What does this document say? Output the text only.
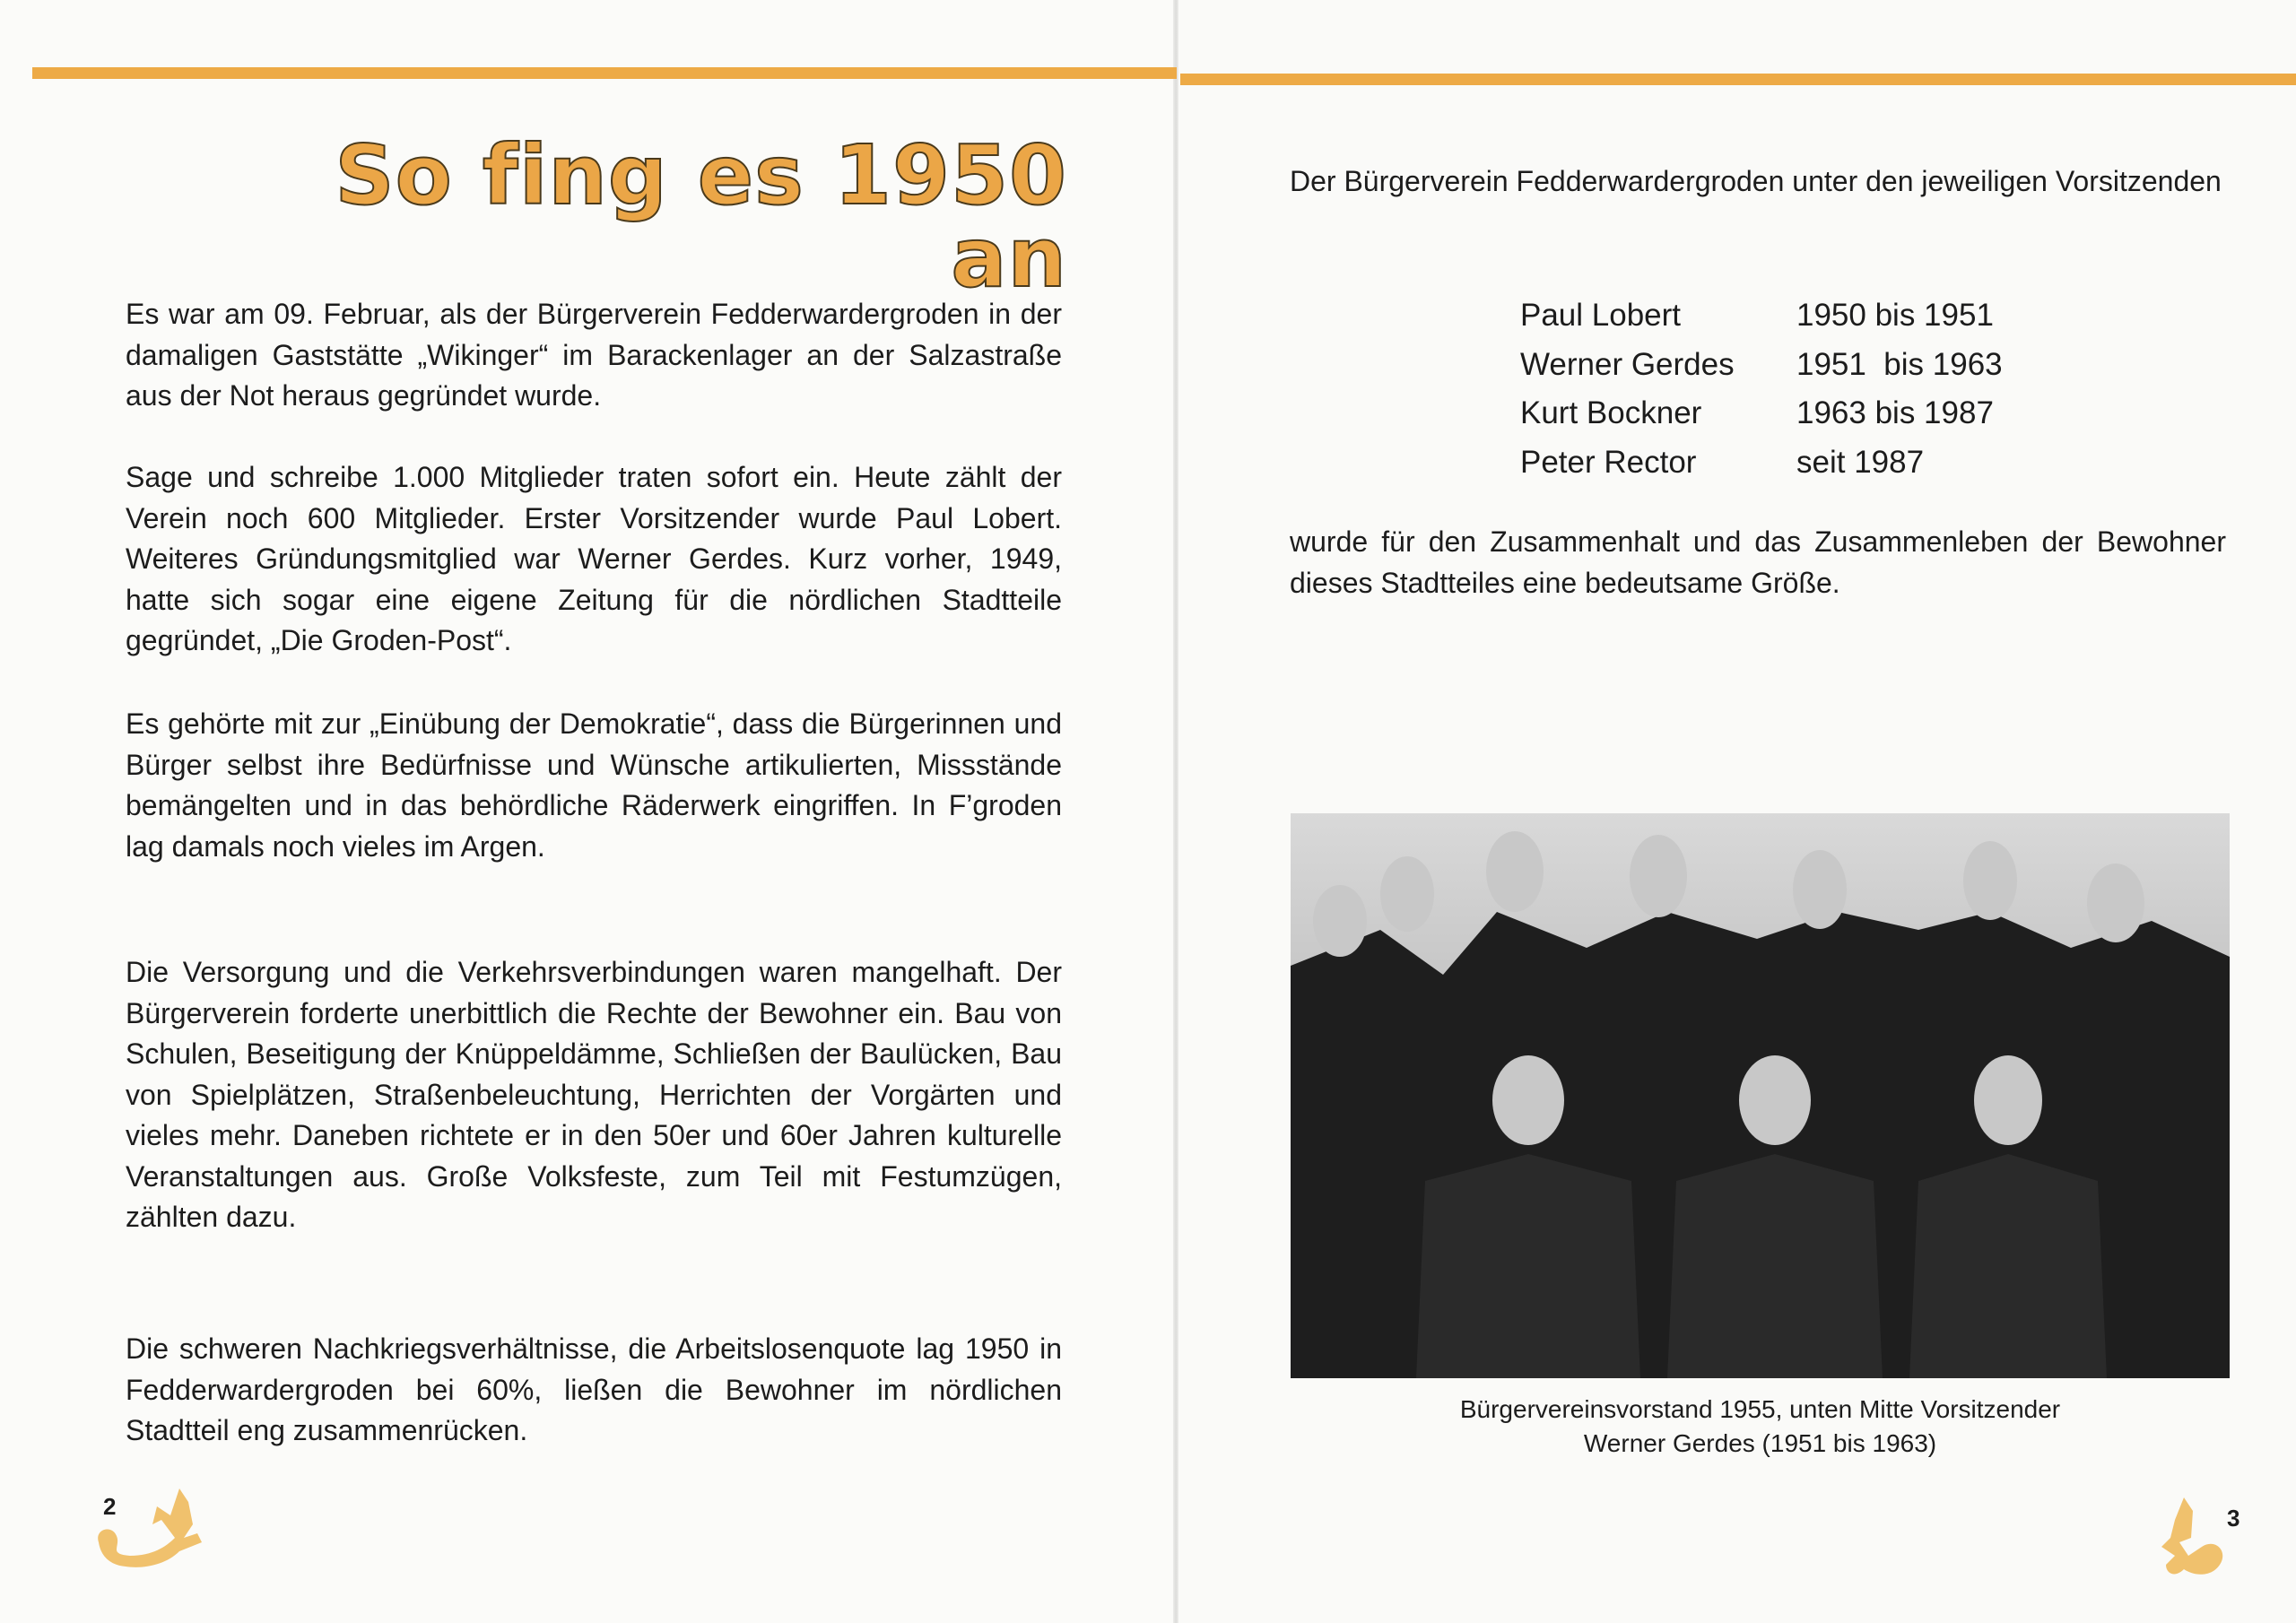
So fing es 1950 an
Es war am 09. Februar, als der Bürgerverein Fedderwardergroden in der damaligen Gaststätte „Wikinger“ im Barackenlager an der Salzastraße aus der Not heraus gegründet wurde.
Sage und schreibe 1.000 Mitglieder traten sofort ein. Heute zählt der Verein noch 600 Mitglieder. Erster Vorsitzender wurde Paul Lobert. Weiteres Gründungsmitglied war Werner Gerdes. Kurz vorher, 1949, hatte sich sogar eine eigene Zeitung für die nördlichen Stadtteile gegründet, „Die Groden-Post“.
Es gehörte mit zur „Einübung der Demokratie“, dass die Bürgerinnen und Bürger selbst ihre Bedürfnisse und Wünsche artikulierten, Missstände bemängelten und in das behördliche Räderwerk eingriffen. In F’groden lag damals noch vieles im Argen.
Die Versorgung und die Verkehrsverbindungen waren mangelhaft. Der Bürgerverein forderte unerbittlich die Rechte der Bewohner ein. Bau von Schulen, Beseitigung der Knüppeldämme, Schließen der Baulücken, Bau von Spielplätzen, Straßenbeleuchtung, Herrichten der Vorgärten und vieles mehr. Daneben richtete er in den 50er und 60er Jahren kulturelle Veranstaltungen aus. Große Volksfeste, zum Teil mit Festumzügen, zählten dazu.
Die schweren Nachkriegsverhältnisse, die Arbeitslosenquote lag 1950 in Fedderwardergroden bei 60%, ließen die Bewohner im nördlichen Stadtteil eng zusammenrücken.
2
Der Bürgerverein Fedderwardergroden unter den jeweiligen Vorsitzenden
Paul Lobert	1950 bis 1951
Werner Gerdes	1951  bis 1963
Kurt Bockner	1963 bis 1987
Peter Rector	seit 1987
wurde für den Zusammenhalt und das Zusammenleben der Bewohner dieses Stadtteiles eine bedeutsame Größe.
Bürgervereinsvorstand 1955, unten Mitte Vorsitzender
Werner Gerdes (1951 bis 1963)
3
